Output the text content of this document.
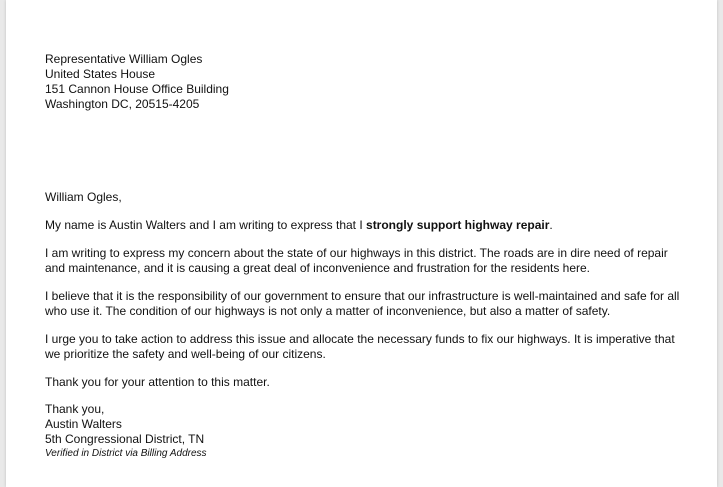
Representative William Ogles
United States House
151 Cannon House Office Building
Washington DC, 20515-4205

William Ogles,

My name is Austin Walters and I am writing to express that I strongly support highway repair.

I am writing to express my concern about the state of our highways in this district. The roads are in dire need of repair and maintenance, and it is causing a great deal of inconvenience and frustration for the residents here.

I believe that it is the responsibility of our government to ensure that our infrastructure is well-maintained and safe for all who use it. The condition of our highways is not only a matter of inconvenience, but also a matter of safety.

I urge you to take action to address this issue and allocate the necessary funds to fix our highways. It is imperative that we prioritize the safety and well-being of our citizens.

Thank you for your attention to this matter.

Thank you,
Austin Walters
5th Congressional District, TN
Verified in District via Billing Address
